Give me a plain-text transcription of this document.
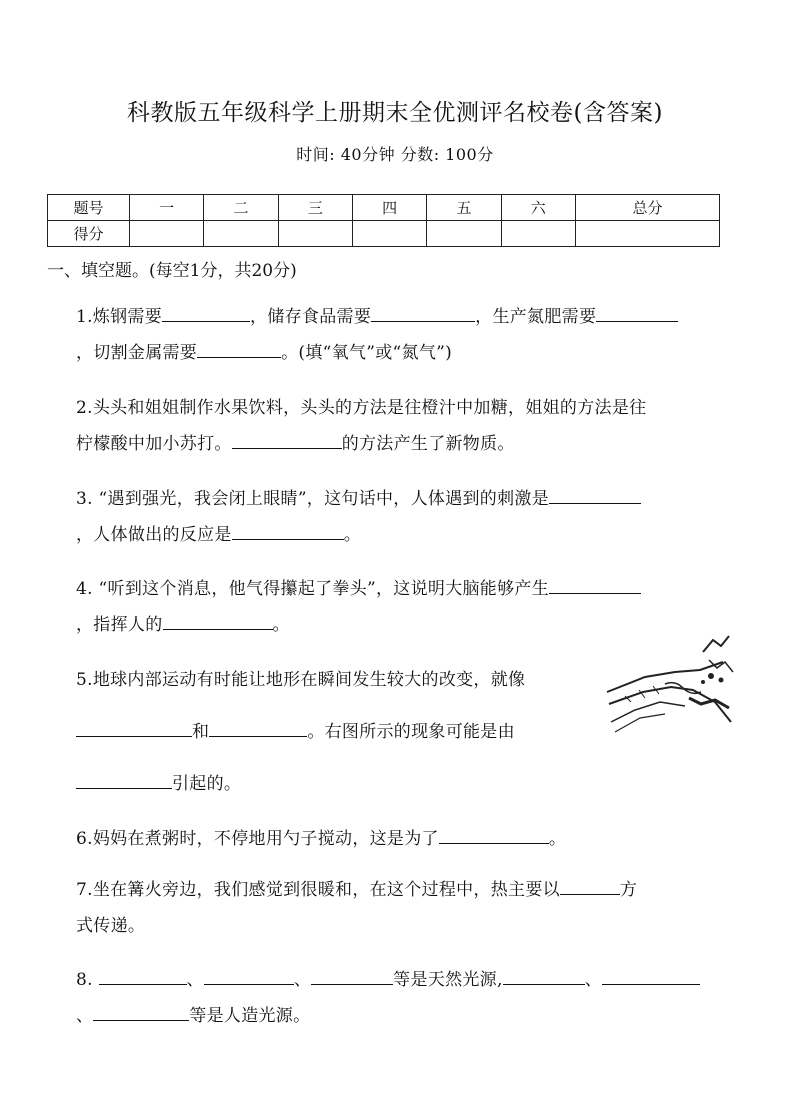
科教版五年级科学上册期末全优测评名校卷(含答案)
时间: 40分钟 分数: 100分
题号	一	二	三	四	五	六	总分
得分							
一、填空题。(每空1分，共20分)
1.炼钢需要	，储存食品需要	，生产氮肥需要
，切割金属需要	。(填“氧气”或“氮气”)
2.头头和姐姐制作水果饮料，头头的方法是往橙汁中加糖，姐姐的方法是往
柠檬酸中加小苏打。	的方法产生了新物质。
3. “遇到强光，我会闭上眼睛”，这句话中，人体遇到的刺激是
，人体做出的反应是	。
4. “听到这个消息，他气得攥起了拳头”，这说明大脑能够产生
，指挥人的	。
5.地球内部运动有时能让地形在瞬间发生较大的改变，就像
和	。右图所示的现象可能是由
引起的。
6.妈妈在煮粥时，不停地用勺子搅动，这是为了	。
7.坐在篝火旁边，我们感觉到很暖和，在这个过程中，热主要以	方
式传递。
8.	、	、	等是天然光源,	、
、	等是人造光源。
